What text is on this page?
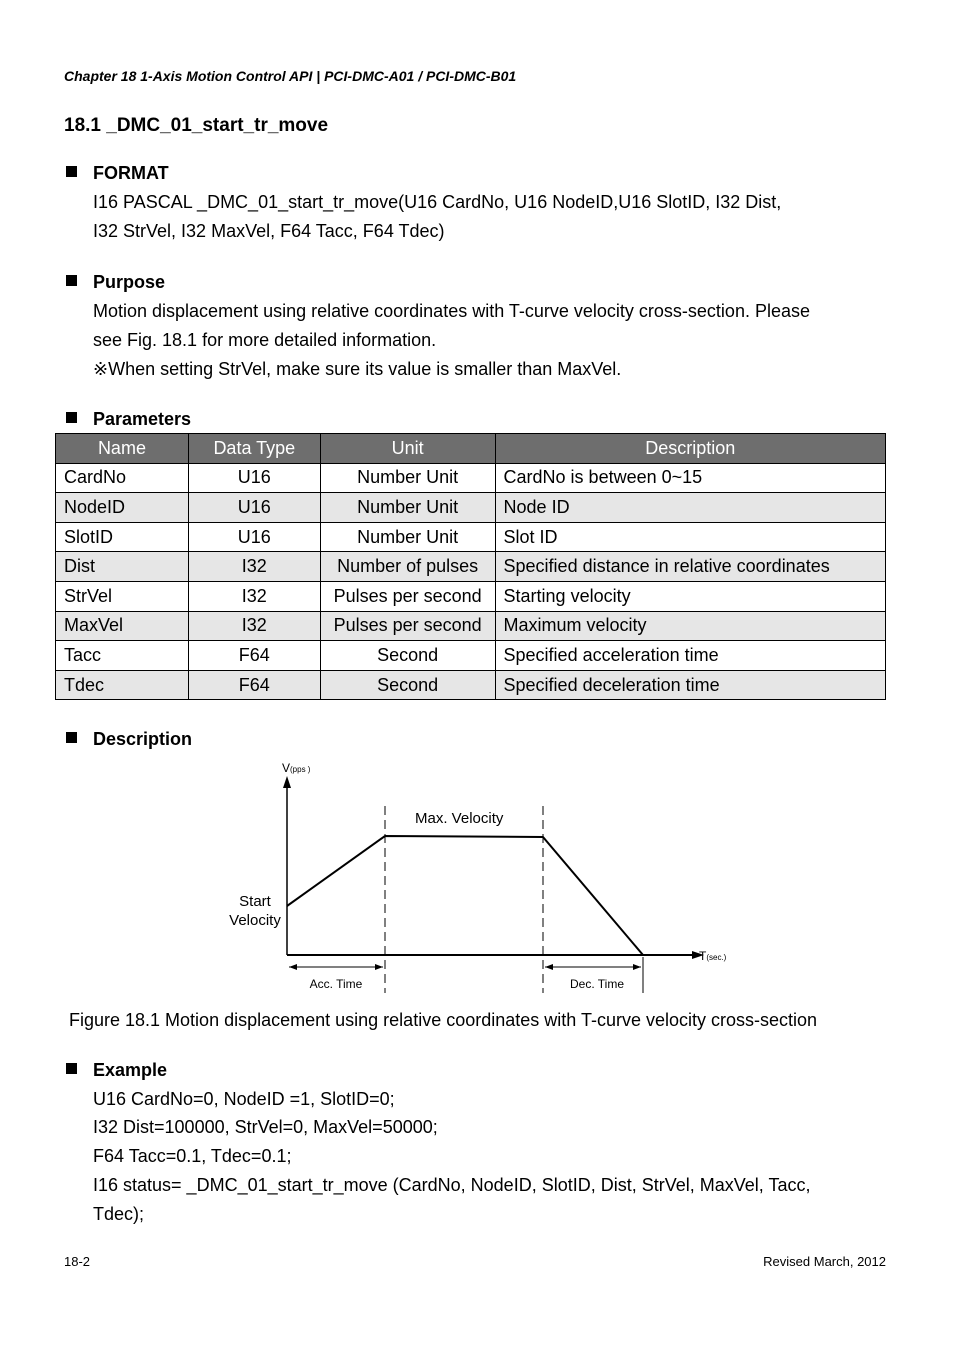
Chapter 18 1-Axis Motion Control API | PCI-DMC-A01 / PCI-DMC-B01
18.1 _DMC_01_start_tr_move
FORMAT
I16 PASCAL _DMC_01_start_tr_move(U16 CardNo, U16 NodeID,U16 SlotID, I32 Dist,
I32 StrVel, I32 MaxVel, F64 Tacc, F64 Tdec)
Purpose
Motion displacement using relative coordinates with T-curve velocity cross-section. Please
see Fig. 18.1 for more detailed information.
※When setting StrVel, make sure its value is smaller than MaxVel.
Parameters
Name	Data Type	Unit	Description
CardNo	U16	Number Unit	CardNo is between 0~15
NodeID	U16	Number Unit	Node ID
SlotID	U16	Number Unit	Slot ID
Dist	I32	Number of pulses	Specified distance in relative coordinates
StrVel	I32	Pulses per second	Starting velocity
MaxVel	I32	Pulses per second	Maximum velocity
Tacc	F64	Second	Specified acceleration time
Tdec	F64	Second	Specified deceleration time
Description
V(pps )
T(sec.)
Max. Velocity
Start
Velocity
Acc. Time	Dec. Time
Figure 18.1 Motion displacement using relative coordinates with T-curve velocity cross-section
Example
U16 CardNo=0, NodeID =1, SlotID=0;
I32 Dist=100000, StrVel=0, MaxVel=50000;
F64 Tacc=0.1, Tdec=0.1;
I16 status= _DMC_01_start_tr_move (CardNo, NodeID, SlotID, Dist, StrVel, MaxVel, Tacc,
Tdec);
18-2	Revised March, 2012
